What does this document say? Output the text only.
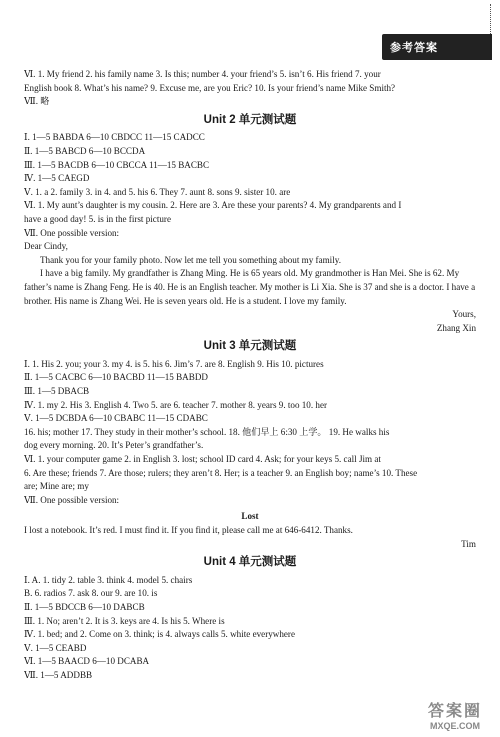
参考答案
Ⅵ. 1. My friend 2. his family name 3. Is this; number 4. your friend’s 5. isn’t 6. His friend 7. your
English book 8. What’s his name? 9. Excuse me, are you Eric? 10. Is your friend’s name Mike Smith?
Ⅶ. 略
Unit 2 单元测试题
Ⅰ. 1—5 BABDA 6—10 CBDCC 11—15 CADCC
Ⅱ. 1—5 BABCD 6—10 BCCDA
Ⅲ. 1—5 BACDB 6—10 CBCCA 11—15 BACBC
Ⅳ. 1—5 CAEGD
Ⅴ. 1. a 2. family 3. in 4. and 5. his 6. They 7. aunt 8. sons 9. sister 10. are
Ⅵ. 1. My aunt’s daughter is my cousin. 2. Here are 3. Are these your parents? 4. My grandparents and I
have a good day! 5. is in the first picture
Ⅶ. One possible version:
Dear Cindy,
Thank you for your family photo. Now let me tell you something about my family.
I have a big family. My grandfather is Zhang Ming. He is 65 years old. My grandmother is Han Mei. She is 62. My father’s name is Zhang Feng. He is 40. He is an English teacher. My mother is Li Xia. She is 37 and she is a doctor. I have a brother. His name is Zhang Wei. He is seven years old. He is a student. I love my family.
Yours,
Zhang Xin
Unit 3 单元测试题
Ⅰ. 1. His 2. you; your 3. my 4. is 5. his 6. Jim’s 7. are 8. English 9. His 10. pictures
Ⅱ. 1—5 CACBC 6—10 BACBD 11—15 BABDD
Ⅲ. 1—5 DBACB
Ⅳ. 1. my 2. His 3. English 4. Two 5. are 6. teacher 7. mother 8. years 9. too 10. her
Ⅴ. 1—5 DCBDA 6—10 CBABC 11—15 CDABC
16. his; mother 17. They study in their mother’s school. 18. 他们早上 6:30 上学。 19. He walks his
dog every morning. 20. It’s Peter’s grandfather’s.
Ⅵ. 1. your computer game 2. in English 3. lost; school ID card 4. Ask; for your keys 5. call Jim at
6. Are these; friends 7. Are those; rulers; they aren’t 8. Her; is a teacher 9. an English boy; name’s 10. These
are; Mine are; my
Ⅶ. One possible version:
Lost
I lost a notebook. It’s red. I must find it. If you find it, please call me at 646-6412. Thanks.
Tim
Unit 4 单元测试题
Ⅰ. A. 1. tidy 2. table 3. think 4. model 5. chairs
B. 6. radios 7. ask 8. our 9. are 10. is
Ⅱ. 1—5 BDCCB 6—10 DABCB
Ⅲ. 1. No; aren’t 2. It is 3. keys are 4. Is his 5. Where is
Ⅳ. 1. bed; and 2. Come on 3. think; is 4. always calls 5. white everywhere
Ⅴ. 1—5 CEABD
Ⅵ. 1—5 BAACD 6—10 DCABA
Ⅶ. 1—5 ADDBB
答案圈
MXQE.COM
